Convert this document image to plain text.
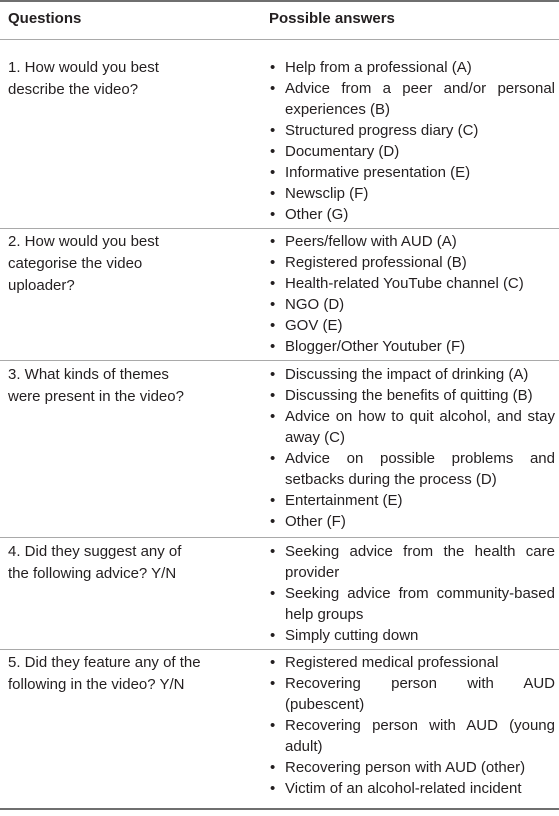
Questions	Possible answers
1. How would you best describe the video?
• Help from a professional (A)
• Advice from a peer and/or personal experiences (B)
• Structured progress diary (C)
• Documentary (D)
• Informative presentation (E)
• Newsclip (F)
• Other (G)
2. How would you best categorise the video uploader?
• Peers/fellow with AUD (A)
• Registered professional (B)
• Health-related YouTube channel (C)
• NGO (D)
• GOV (E)
• Blogger/Other Youtuber (F)
3. What kinds of themes were present in the video?
• Discussing the impact of drinking (A)
• Discussing the benefits of quitting (B)
• Advice on how to quit alcohol, and stay away (C)
• Advice on possible problems and setbacks during the process (D)
• Entertainment (E)
• Other (F)
4. Did they suggest any of the following advice? Y/N
• Seeking advice from the health care provider
• Seeking advice from community-based help groups
• Simply cutting down
5. Did they feature any of the following in the video? Y/N
• Registered medical professional
• Recovering person with AUD (pubescent)
• Recovering person with AUD (young adult)
• Recovering person with AUD (other)
• Victim of an alcohol-related incident
